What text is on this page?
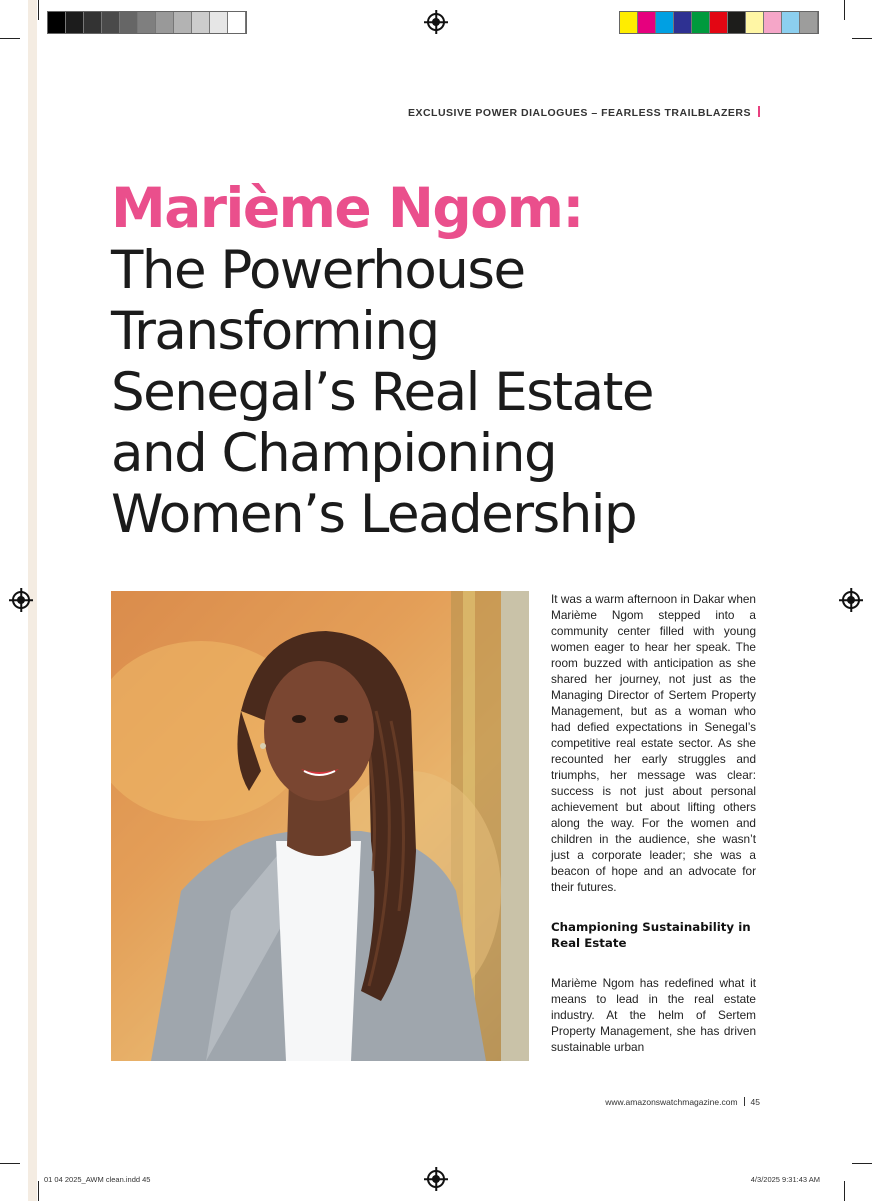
EXCLUSIVE POWER DIALOGUES – FEARLESS TRAILBLAZERS
Marième Ngom:
The Powerhouse
Transforming
Senegal’s Real Estate
and Championing
Women’s Leadership

It was a warm afternoon in Dakar when Marième Ngom stepped into a community center filled with young women eager to hear her speak. The room buzzed with anticipation as she shared her journey, not just as the Managing Director of Sertem Property Management, but as a woman who had defied expectations in Senegal’s competitive real estate sector. As she recounted her early struggles and triumphs, her message was clear: success is not just about personal achievement but about lifting others along the way. For the women and children in the audience, she wasn’t just a corporate leader; she was a beacon of hope and an advocate for their futures.

Championing Sustainability in Real Estate

Marième Ngom has redefined what it means to lead in the real estate industry. At the helm of Sertem Property Management, she has driven sustainable urban

www.amazonswatchmagazine.com 45
01 04 2025_AWM clean.indd 45	4/3/2025 9:31:43 AM
